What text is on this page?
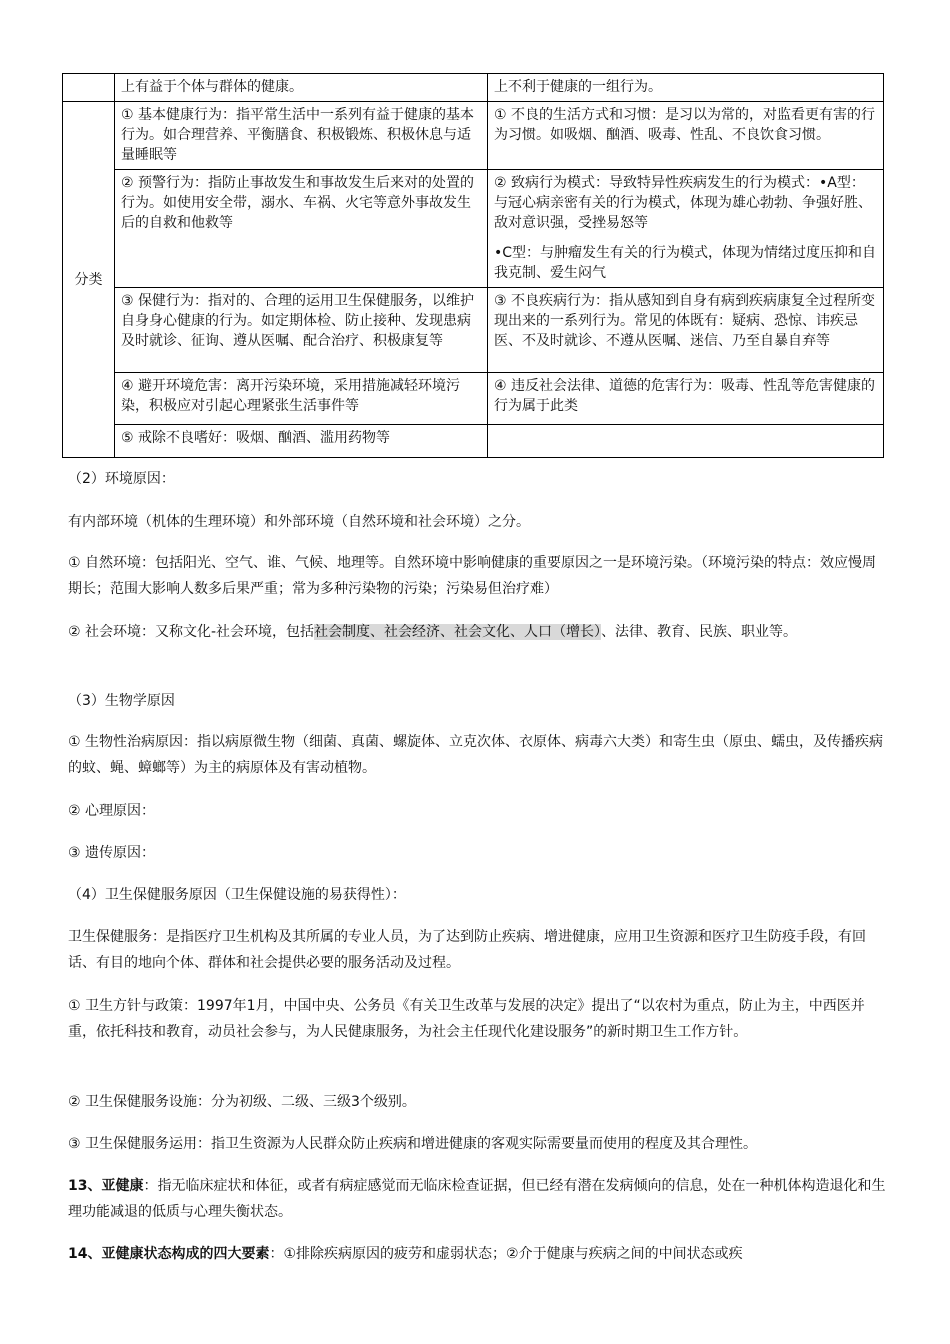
	上有益于个体与群体的健康。	上不利于健康的一组行为。
分类	① 基本健康行为：指平常生活中一系列有益于健康的基本行为。如合理营养、平衡膳食、积极锻炼、积极休息与适量睡眠等	① 不良的生活方式和习惯：是习以为常的，对监看更有害的行为习惯。如吸烟、酗酒、吸毒、性乱、不良饮食习惯。
	② 预警行为：指防止事故发生和事故发生后来对的处置的行为。如使用安全带，溺水、车祸、火宅等意外事故发生后的自救和他救等	② 致病行为模式：导致特异性疾病发生的行为模式：•A型：与冠心病亲密有关的行为模式，体现为雄心勃勃、争强好胜、敌对意识强，受挫易怒等
•C型：与肿瘤发生有关的行为模式，体现为情绪过度压抑和自我克制、爱生闷气
	③ 保健行为：指对的、合理的运用卫生保健服务，以维护自身身心健康的行为。如定期体检、防止接种、发现患病及时就诊、征询、遵从医嘱、配合治疗、积极康复等	③ 不良疾病行为：指从感知到自身有病到疾病康复全过程所变现出来的一系列行为。常见的体既有：疑病、恐惊、讳疾忌医、不及时就诊、不遵从医嘱、迷信、乃至自暴自弃等
	④ 避开环境危害：离开污染环境，采用措施减轻环境污染，积极应对引起心理紧张生活事件等	④ 违反社会法律、道德的危害行为：吸毒、性乱等危害健康的行为属于此类
	⑤ 戒除不良嗜好：吸烟、酗酒、滥用药物等	
（2）环境原因：
有内部环境（机体的生理环境）和外部环境（自然环境和社会环境）之分。
① 自然环境：包括阳光、空气、谁、气候、地理等。自然环境中影响健康的重要原因之一是环境污染。（环境污染的特点：效应慢周期长；范围大影响人数多后果严重；常为多种污染物的污染；污染易但治疗难）
② 社会环境：又称文化-社会环境，包括社会制度、社会经济、社会文化、人口（增长）、法律、教育、民族、职业等。
（3）生物学原因
① 生物性治病原因：指以病原微生物（细菌、真菌、螺旋体、立克次体、衣原体、病毒六大类）和寄生虫（原虫、蠕虫，及传播疾病的蚊、蝇、蟑螂等）为主的病原体及有害动植物。
② 心理原因：
③ 遗传原因：
（4）卫生保健服务原因（卫生保健设施的易获得性）：
卫生保健服务：是指医疗卫生机构及其所属的专业人员，为了达到防止疾病、增进健康，应用卫生资源和医疗卫生防疫手段，有回话、有目的地向个体、群体和社会提供必要的服务活动及过程。
① 卫生方针与政策：1997年1月，中国中央、公务员《有关卫生改革与发展的决定》提出了“以农村为重点，防止为主，中西医并重，依托科技和教育，动员社会参与，为人民健康服务，为社会主任现代化建设服务”的新时期卫生工作方针。
② 卫生保健服务设施：分为初级、二级、三级3个级别。
③ 卫生保健服务运用：指卫生资源为人民群众防止疾病和增进健康的客观实际需要量而使用的程度及其合理性。
13、亚健康：指无临床症状和体征，或者有病症感觉而无临床检查证据，但已经有潜在发病倾向的信息，处在一种机体构造退化和生理功能减退的低质与心理失衡状态。
14、亚健康状态构成的四大要素：①排除疾病原因的疲劳和虚弱状态；②介于健康与疾病之间的中间状态或疾
